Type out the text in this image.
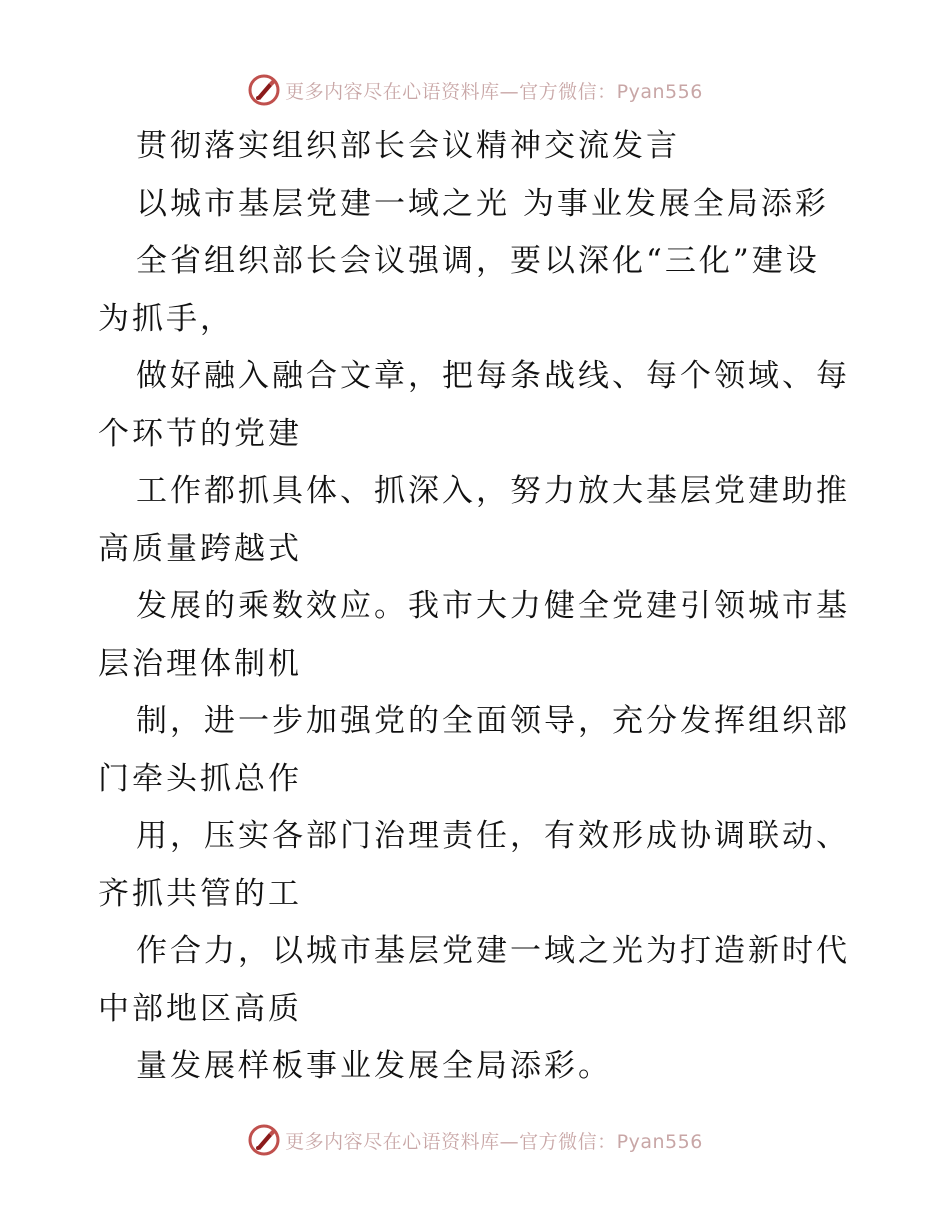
更多内容尽在心语资料库—官方微信：Pyan556
贯彻落实组织部长会议精神交流发言
以城市基层党建一域之光 为事业发展全局添彩
全省组织部长会议强调，要以深化“三化”建设
为抓手，
做好融入融合文章，把每条战线、每个领域、每
个环节的党建
工作都抓具体、抓深入，努力放大基层党建助推
高质量跨越式
发展的乘数效应。我市大力健全党建引领城市基
层治理体制机
制，进一步加强党的全面领导，充分发挥组织部
门牵头抓总作
用，压实各部门治理责任，有效形成协调联动、
齐抓共管的工
作合力，以城市基层党建一域之光为打造新时代
中部地区高质
量发展样板事业发展全局添彩。
更多内容尽在心语资料库—官方微信：Pyan556
